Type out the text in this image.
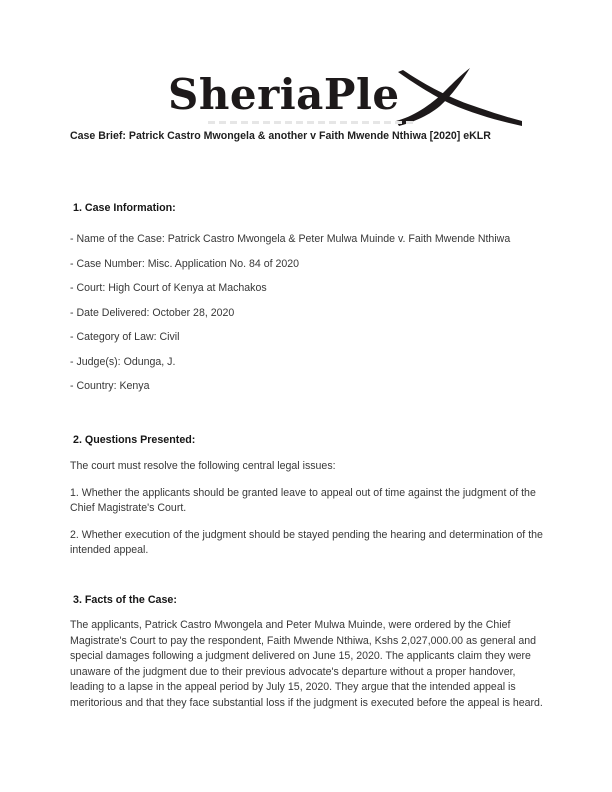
SheriaPle
Case Brief: Patrick Castro Mwongela & another v Faith Mwende Nthiwa [2020] eKLR
1. Case Information:
- Name of the Case: Patrick Castro Mwongela & Peter Mulwa Muinde v. Faith Mwende Nthiwa
- Case Number: Misc. Application No. 84 of 2020
- Court: High Court of Kenya at Machakos
- Date Delivered: October 28, 2020
- Category of Law: Civil
- Judge(s): Odunga, J.
- Country: Kenya
2. Questions Presented:
The court must resolve the following central legal issues:
1. Whether the applicants should be granted leave to appeal out of time against the judgment of the
Chief Magistrate's Court.
2. Whether execution of the judgment should be stayed pending the hearing and determination of the
intended appeal.
3. Facts of the Case:
The applicants, Patrick Castro Mwongela and Peter Mulwa Muinde, were ordered by the Chief
Magistrate's Court to pay the respondent, Faith Mwende Nthiwa, Kshs 2,027,000.00 as general and
special damages following a judgment delivered on June 15, 2020. The applicants claim they were
unaware of the judgment due to their previous advocate's departure without a proper handover,
leading to a lapse in the appeal period by July 15, 2020. They argue that the intended appeal is
meritorious and that they face substantial loss if the judgment is executed before the appeal is heard.
